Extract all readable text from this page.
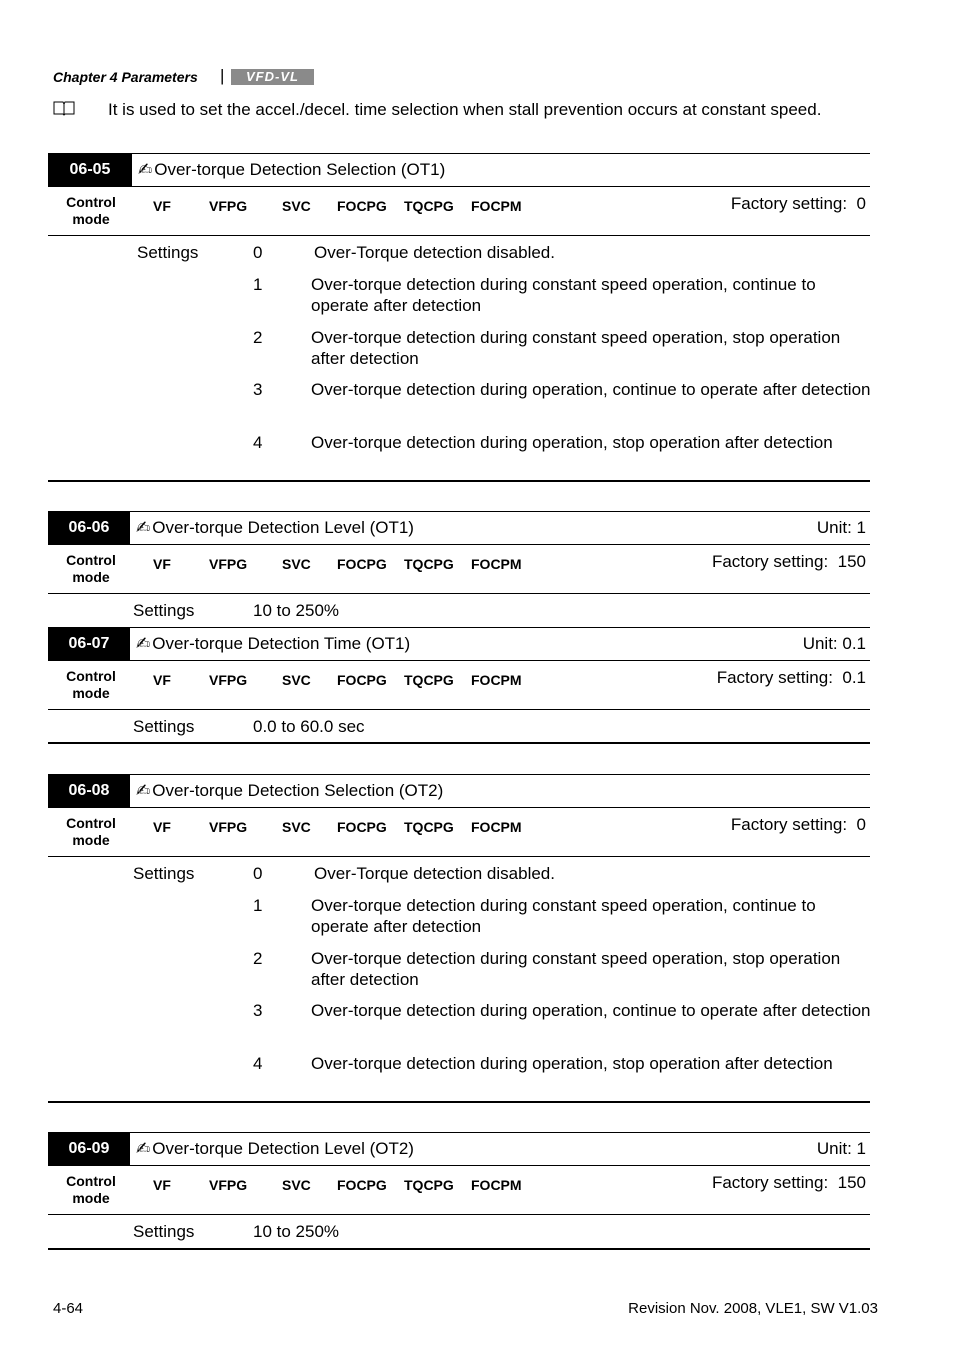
Chapter 4 Parameters |	VFD-VL
It is used to set the accel./decel. time selection when stall prevention occurs at constant speed.
06-05	✍ Over-torque Detection Selection (OT1)
Control
mode
VF	VFPG SVC FOCPG TQCPG FOCPM	Factory setting:  0
Settings	0	Over-Torque detection disabled.
1	Over-torque detection during constant speed operation, continue to operate after detection
2	Over-torque detection during constant speed operation, stop operation after detection
3	Over-torque detection during operation, continue to operate after detection
4	Over-torque detection during operation, stop operation after detection
06-06	✍ Over-torque Detection Level (OT1)	Unit: 1
Control
mode
VF	VFPG SVC FOCPG TQCPG FOCPM	Factory setting:  150
Settings	10 to 250%
06-07	✍ Over-torque Detection Time (OT1)	Unit: 0.1
Control
mode
VF	VFPG SVC FOCPG TQCPG FOCPM	Factory setting:  0.1
Settings	0.0 to 60.0 sec
06-08	✍ Over-torque Detection Selection (OT2)
Control
mode
VF	VFPG SVC FOCPG TQCPG FOCPM	Factory setting:  0
Settings	0	Over-Torque detection disabled.
1	Over-torque detection during constant speed operation, continue to operate after detection
2	Over-torque detection during constant speed operation, stop operation after detection
3	Over-torque detection during operation, continue to operate after detection
4	Over-torque detection during operation, stop operation after detection
06-09	✍ Over-torque Detection Level (OT2)	Unit: 1
Control
mode
VF	VFPG SVC FOCPG TQCPG FOCPM	Factory setting:  150
Settings	10 to 250%
4-64	Revision Nov. 2008, VLE1, SW V1.03
